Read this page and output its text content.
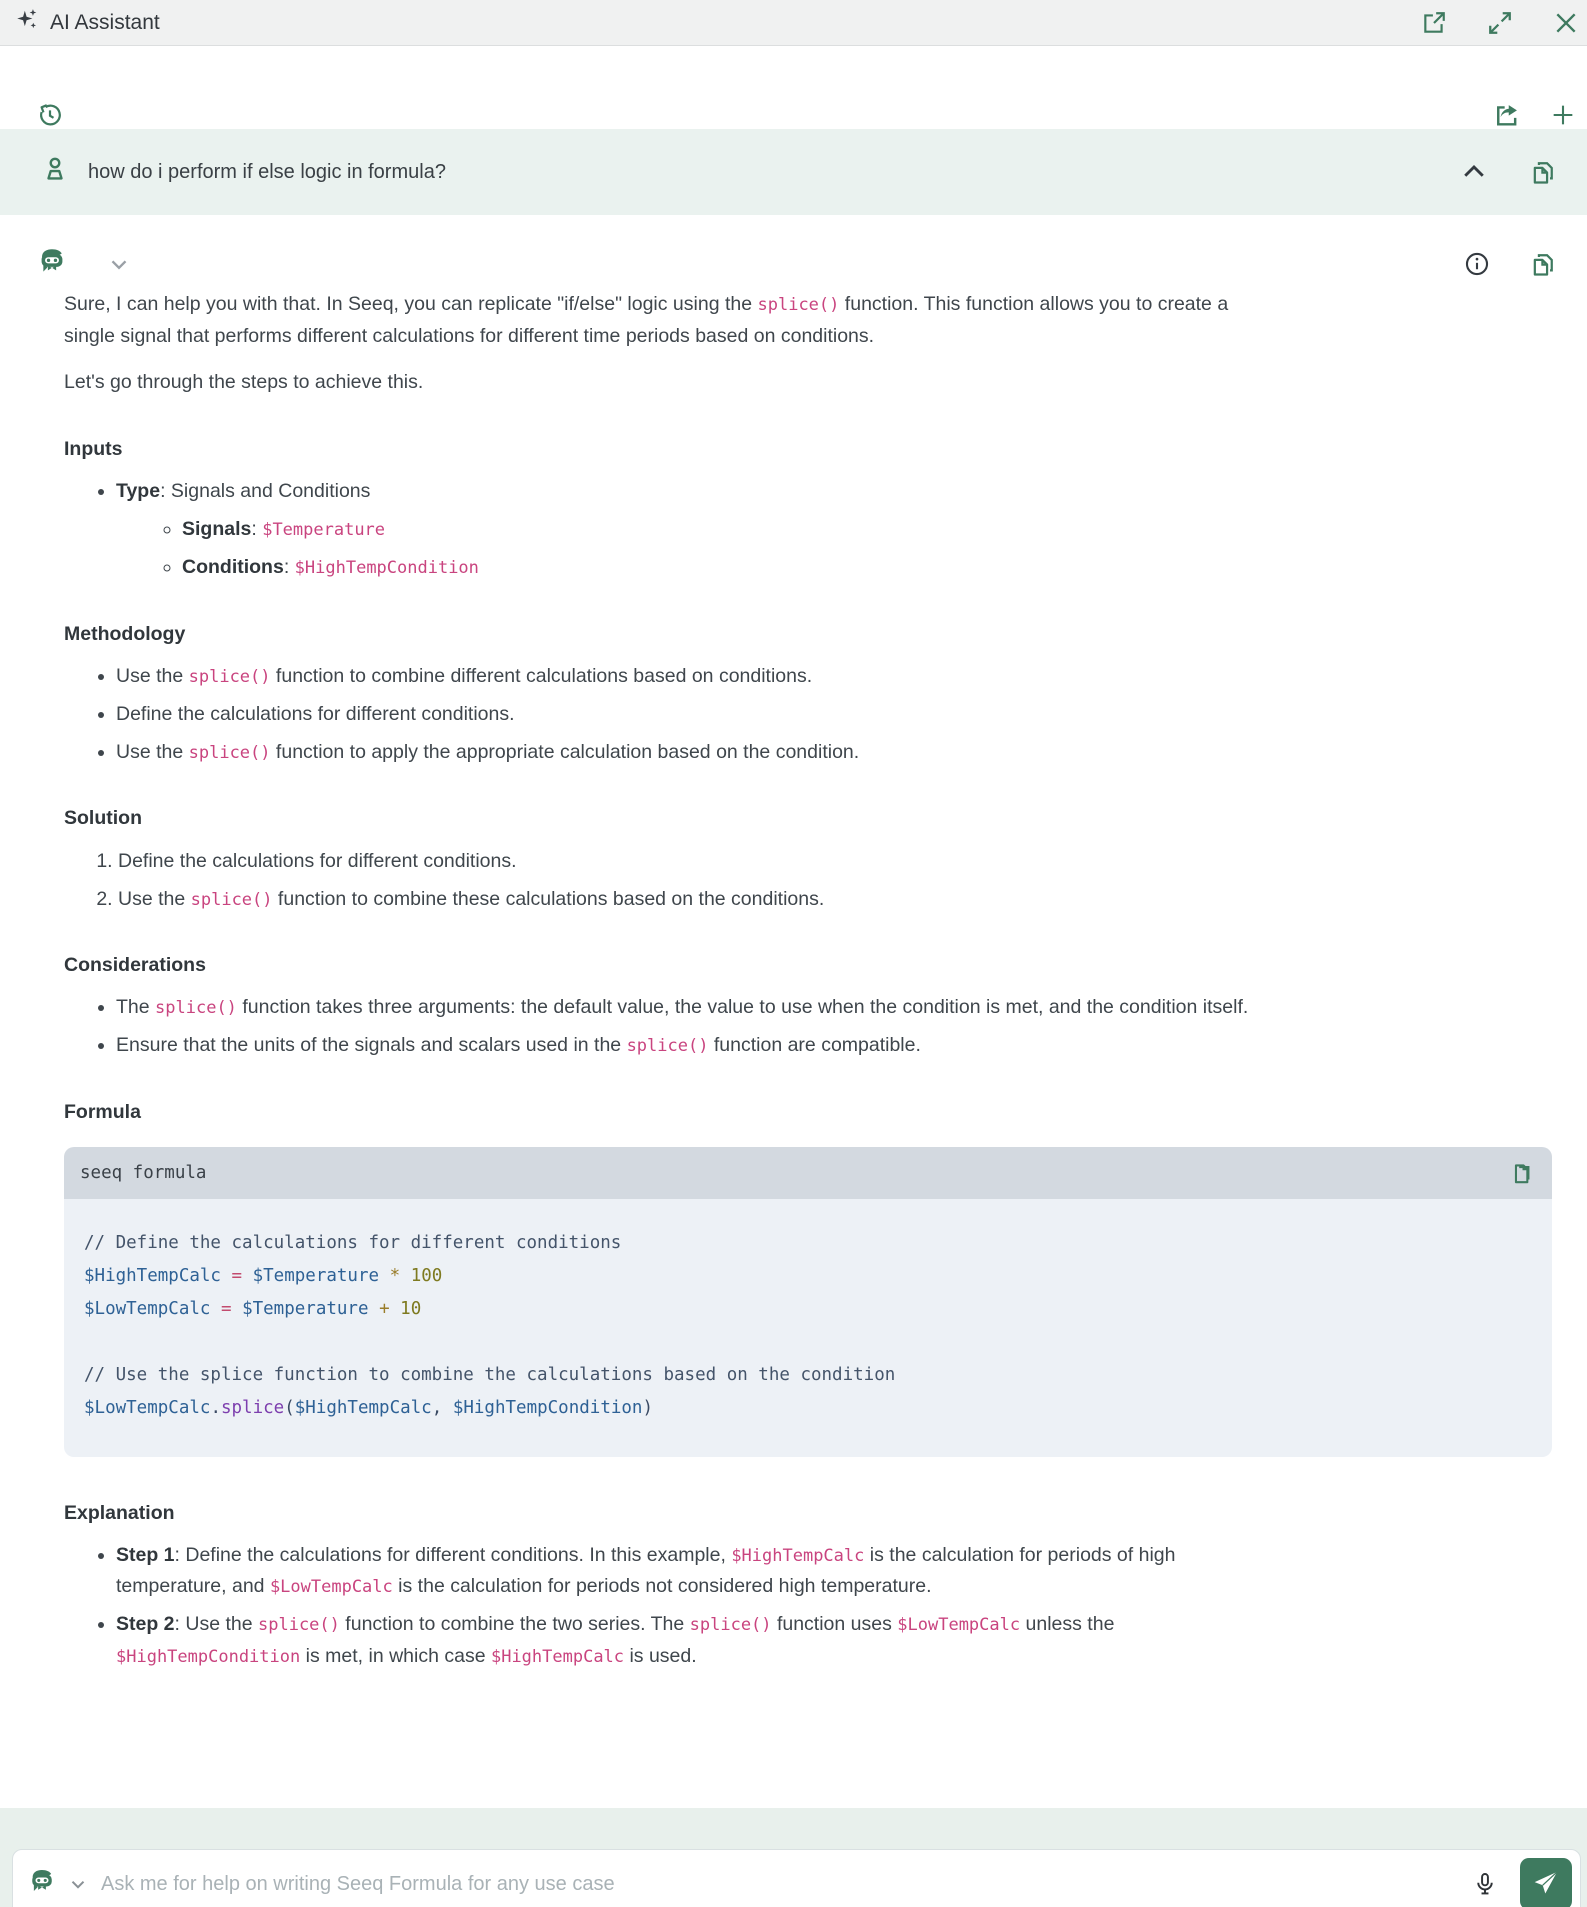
AI Assistant
how do i perform if else logic in formula?

Sure, I can help you with that. In Seeq, you can replicate "if/else" logic using the splice() function. This function allows you to create a single signal that performs different calculations for different time periods based on conditions.

Let's go through the steps to achieve this.

Inputs
• Type: Signals and Conditions
◦ Signals: $Temperature
◦ Conditions: $HighTempCondition
Methodology
• Use the splice() function to combine different calculations based on conditions.
• Define the calculations for different conditions.
• Use the splice() function to apply the appropriate calculation based on the condition.
Solution
1. Define the calculations for different conditions.
2. Use the splice() function to combine these calculations based on the conditions.
Considerations
• The splice() function takes three arguments: the default value, the value to use when the condition is met, and the condition itself.
• Ensure that the units of the signals and scalars used in the splice() function are compatible.
Formula
seeq formula
// Define the calculations for different conditions
$HighTempCalc = $Temperature * 100
$LowTempCalc = $Temperature + 10

// Use the splice function to combine the calculations based on the condition
$LowTempCalc.splice($HighTempCalc, $HighTempCondition)
Explanation
• Step 1: Define the calculations for different conditions. In this example, $HighTempCalc is the calculation for periods of high temperature, and $LowTempCalc is the calculation for periods not considered high temperature.
• Step 2: Use the splice() function to combine the two series. The splice() function uses $LowTempCalc unless the $HighTempCondition is met, in which case $HighTempCalc is used.
Ask me for help on writing Seeq Formula for any use case
